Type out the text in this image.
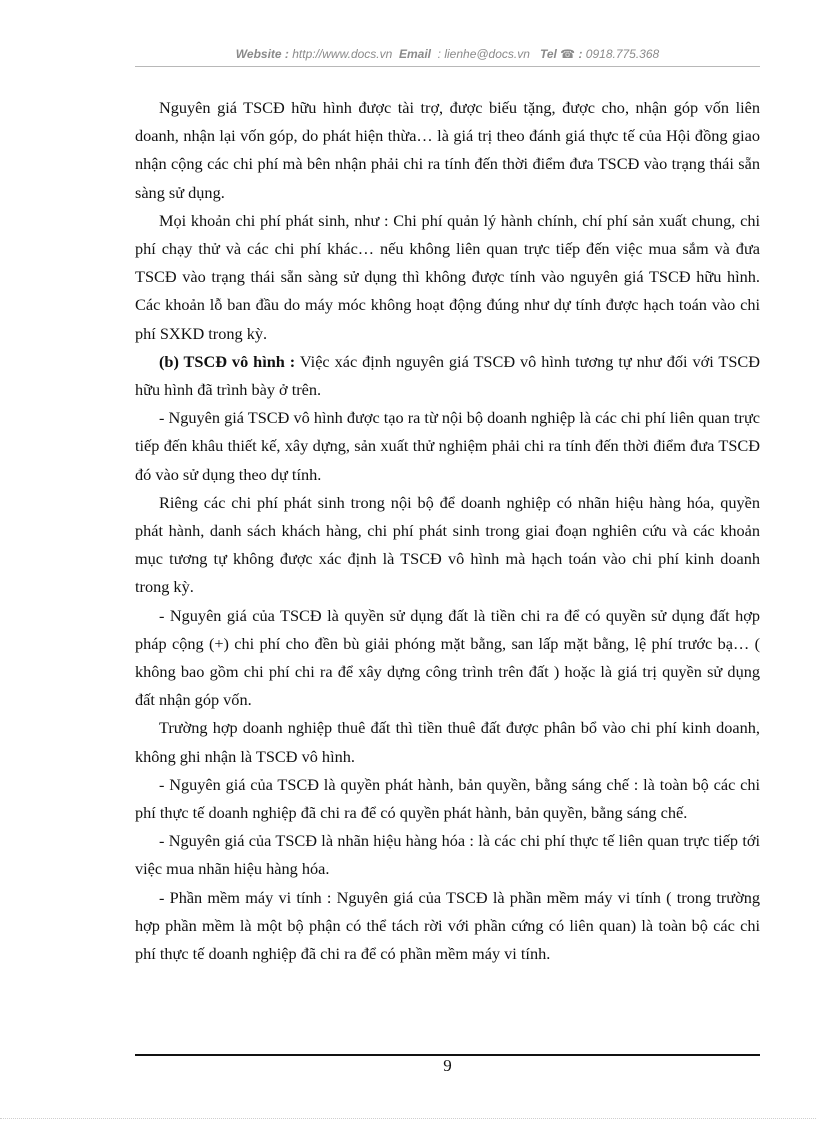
Website : http://www.docs.vn Email : lienhe@docs.vn Tel ☎ : 0918.775.368

Nguyên giá TSCĐ hữu hình được tài trợ, được biếu tặng, được cho, nhận góp vốn liên doanh, nhận lại vốn góp, do phát hiện thừa… là giá trị theo đánh giá thực tế của Hội đồng giao nhận cộng các chi phí mà bên nhận phải chi ra tính đến thời điểm đưa TSCĐ vào trạng thái sẵn sàng sử dụng.

Mọi khoản chi phí phát sinh, như : Chi phí quản lý hành chính, chí phí sản xuất chung, chi phí chạy thử và các chi phí khác… nếu không liên quan trực tiếp đến việc mua sắm và đưa TSCĐ vào trạng thái sẵn sàng sử dụng thì không được tính vào nguyên giá TSCĐ hữu hình. Các khoản lỗ ban đầu do máy móc không hoạt động đúng như dự tính được hạch toán vào chi phí SXKD trong kỳ.

(b) TSCĐ vô hình : Việc xác định nguyên giá TSCĐ vô hình tương tự như đối với TSCĐ hữu hình đã trình bày ở trên.

- Nguyên giá TSCĐ vô hình được tạo ra từ nội bộ doanh nghiệp là các chi phí liên quan trực tiếp đến khâu thiết kế, xây dựng, sản xuất thử nghiệm phải chi ra tính đến thời điểm đưa TSCĐ đó vào sử dụng theo dự tính.

Riêng các chi phí phát sinh trong nội bộ để doanh nghiệp có nhãn hiệu hàng hóa, quyền phát hành, danh sách khách hàng, chi phí phát sinh trong giai đoạn nghiên cứu và các khoản mục tương tự không được xác định là TSCĐ vô hình mà hạch toán vào chi phí kinh doanh trong kỳ.

- Nguyên giá của TSCĐ là quyền sử dụng đất là tiền chi ra để có quyền sử dụng đất hợp pháp cộng (+) chi phí cho đền bù giải phóng mặt bằng, san lấp mặt bằng, lệ phí trước bạ… ( không bao gồm chi phí chi ra để xây dựng công trình trên đất ) hoặc là giá trị quyền sử dụng đất nhận góp vốn.

Trường hợp doanh nghiệp thuê đất thì tiền thuê đất được phân bổ vào chi phí kinh doanh, không ghi nhận là TSCĐ vô hình.

- Nguyên giá của TSCĐ là quyền phát hành, bản quyền, bằng sáng chế : là toàn bộ các chi phí thực tế doanh nghiệp đã chi ra để có quyền phát hành, bản quyền, bằng sáng chế.

- Nguyên giá của TSCĐ là nhãn hiệu hàng hóa : là các chi phí thực tế liên quan trực tiếp tới việc mua nhãn hiệu hàng hóa.

- Phần mềm máy vi tính : Nguyên giá của TSCĐ là phần mềm máy vi tính ( trong trường hợp phần mềm là một bộ phận có thể tách rời với phần cứng có liên quan) là toàn bộ các chi phí thực tế doanh nghiệp đã chi ra để có phần mềm máy vi tính.

9
